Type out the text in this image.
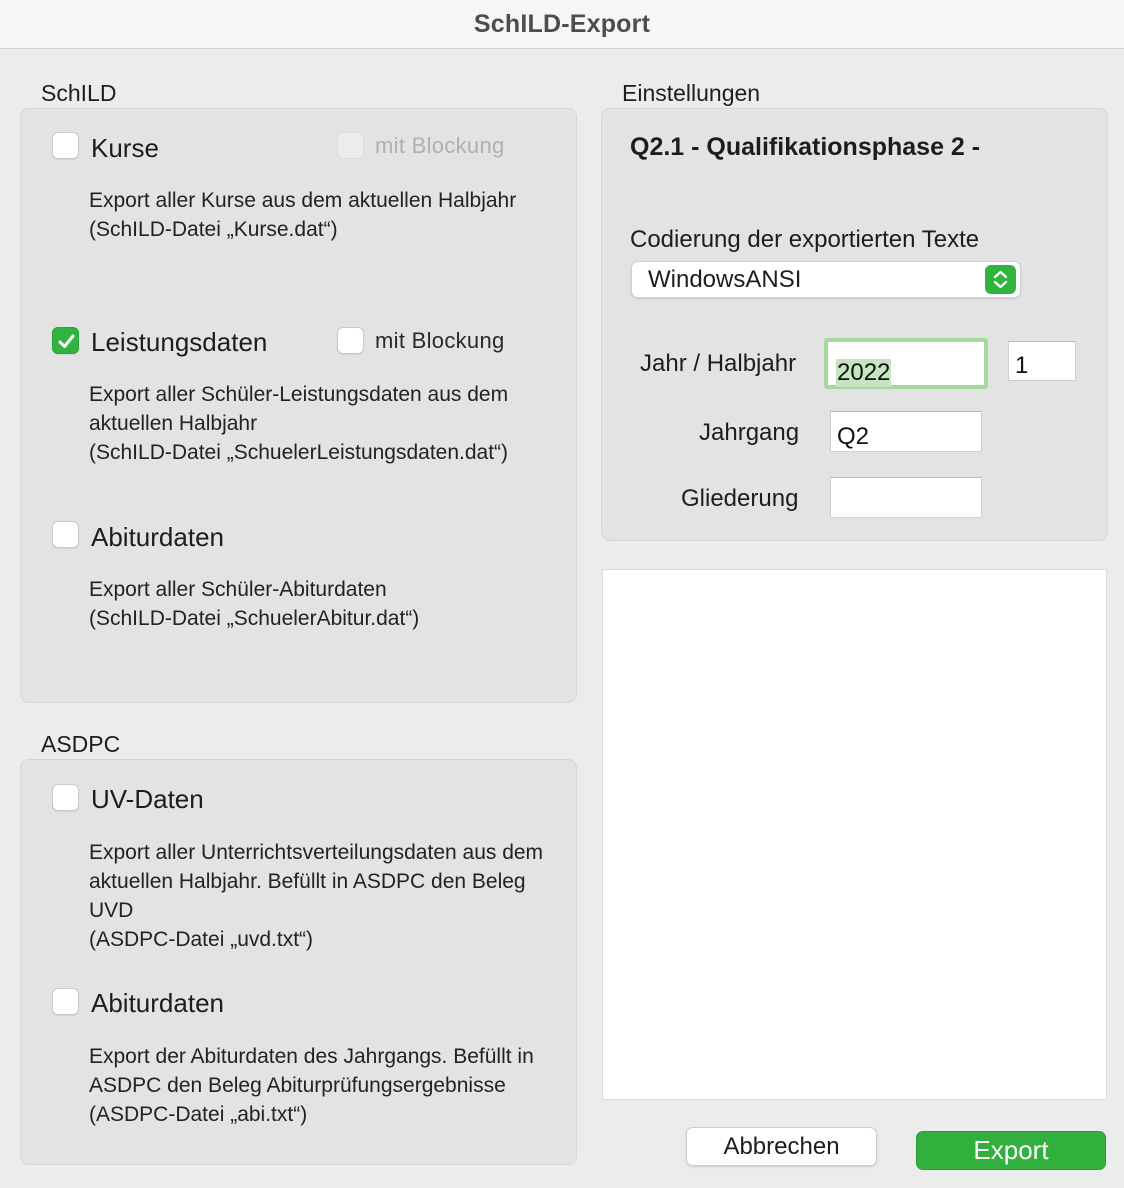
SchILD-Export
SchILD
Kurse	mit Blockung
Export aller Kurse aus dem aktuellen Halbjahr
(SchILD-Datei „Kurse.dat“)
Leistungsdaten	mit Blockung
Export aller Schüler-Leistungsdaten aus dem
aktuellen Halbjahr
(SchILD-Datei „SchuelerLeistungsdaten.dat“)
Abiturdaten
Export aller Schüler-Abiturdaten
(SchILD-Datei „SchuelerAbitur.dat“)
ASDPC
UV-Daten
Export aller Unterrichtsverteilungsdaten aus dem
aktuellen Halbjahr. Befüllt in ASDPC den Beleg
UVD
(ASDPC-Datei „uvd.txt“)
Abiturdaten
Export der Abiturdaten des Jahrgangs. Befüllt in
ASDPC den Beleg Abiturprüfungsergebnisse
(ASDPC-Datei „abi.txt“)
Einstellungen
Q2.1 - Qualifikationsphase 2 -
Codierung der exportierten Texte
WindowsANSI
Jahr / Halbjahr 2022	1
Jahrgang Q2
Gliederung
Abbrechen	Export
